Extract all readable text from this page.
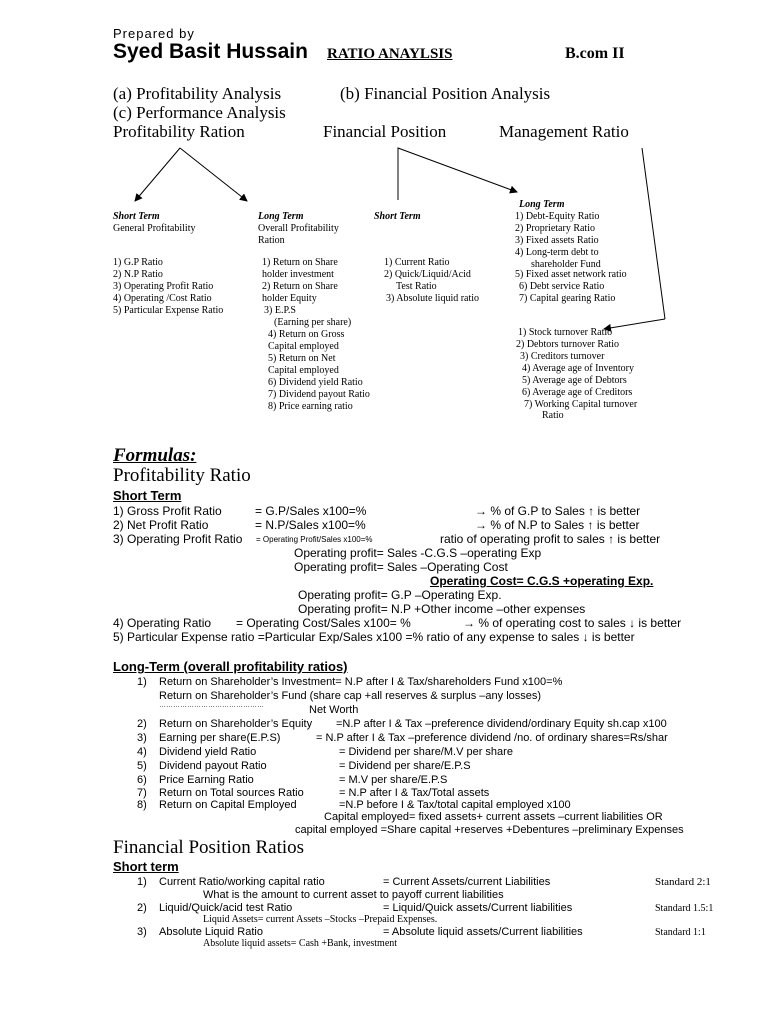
Prepared by
Syed Basit Hussain RATIO ANAYLSIS	B.com II
(a) Profitability Analysis	(b) Financial Position Analysis
(c) Performance Analysis
Profitability Ration	Financial Position	Management Ratio
Short Term
General Profitability
1) G.P Ratio
2) N.P Ratio
3) Operating Profit Ratio
4) Operating /Cost Ratio
5) Particular Expense Ratio
Long Term
Overall Profitability
Ration
1) Return on Share
holder investment
2) Return on Share
holder Equity
3) E.P.S
(Earning per share)
4) Return on Gross
Capital employed
5) Return on Net
Capital employed
6) Dividend yield Ratio
7) Dividend payout Ratio
8) Price earning ratio
Short Term
1) Current Ratio
2) Quick/Liquid/Acid
Test Ratio
3) Absolute liquid ratio
Long Term
1) Debt-Equity Ratio
2) Proprietary Ratio
3) Fixed assets Ratio
4) Long-term debt to
shareholder Fund
5) Fixed asset network ratio
6) Debt service Ratio
7) Capital gearing Ratio
1) Stock turnover Ratio
2) Debtors turnover Ratio
3) Creditors turnover
4) Average age of Inventory
5) Average age of Debtors
6) Average age of Creditors
7) Working Capital turnover
Ratio
Formulas:
Profitability Ratio
Short Term
1) Gross Profit Ratio	= G.P/Sales x100=%	→ % of G.P to Sales ↑ is better
2) Net Profit Ratio	= N.P/Sales x100=%	→ % of N.P to Sales ↑ is better
3) Operating Profit Ratio = Operating Profit/Sales x100=%	ratio of operating profit to sales ↑ is better
Operating profit= Sales -C.G.S –operating Exp
Operating profit= Sales –Operating Cost
Operating Cost= C.G.S +operating Exp.
Operating profit= G.P –Operating Exp.
Operating profit= N.P +Other income –other expenses
4) Operating Ratio = Operating Cost/Sales x100= %	→ % of operating cost to sales ↓ is better
5) Particular Expense ratio =Particular Exp/Sales x100 =% ratio of any expense to sales ↓ is better
Long-Term (overall profitability ratios)
1) Return on Shareholder’s Investment= N.P after I & Tax/shareholders Fund x100=%
Return on Shareholder’s Fund (share cap +all reserves & surplus –any losses)
………………………………………	Net Worth
2) Return on Shareholder’s Equity =N.P after I & Tax –preference dividend/ordinary Equity sh.cap x100
3) Earning per share(E.P.S)	= N.P after I & Tax –preference dividend /no. of ordinary shares=Rs/shar
4) Dividend yield Ratio	= Dividend per share/M.V per share
5) Dividend payout Ratio	= Dividend per share/E.P.S
6) Price Earning Ratio	= M.V per share/E.P.S
7) Return on Total sources Ratio	= N.P after I & Tax/Total assets
8) Return on Capital Employed	=N.P before I & Tax/total capital employed x100
Capital employed= fixed assets+ current assets –current liabilities OR
capital employed =Share capital +reserves +Debentures –preliminary Expenses
Financial Position Ratios
Short term
1) Current Ratio/working capital ratio	= Current Assets/current Liabilities	Standard 2:1
What is the amount to current asset to payoff current liabilities
2) Liquid/Quick/acid test Ratio	= Liquid/Quick assets/Current liabilities	Standard 1.5:1
Liquid Assets= current Assets –Stocks –Prepaid Expenses.
3) Absolute Liquid Ratio	= Absolute liquid assets/Current liabilities	Standard 1:1
Absolute liquid assets= Cash +Bank, investment
